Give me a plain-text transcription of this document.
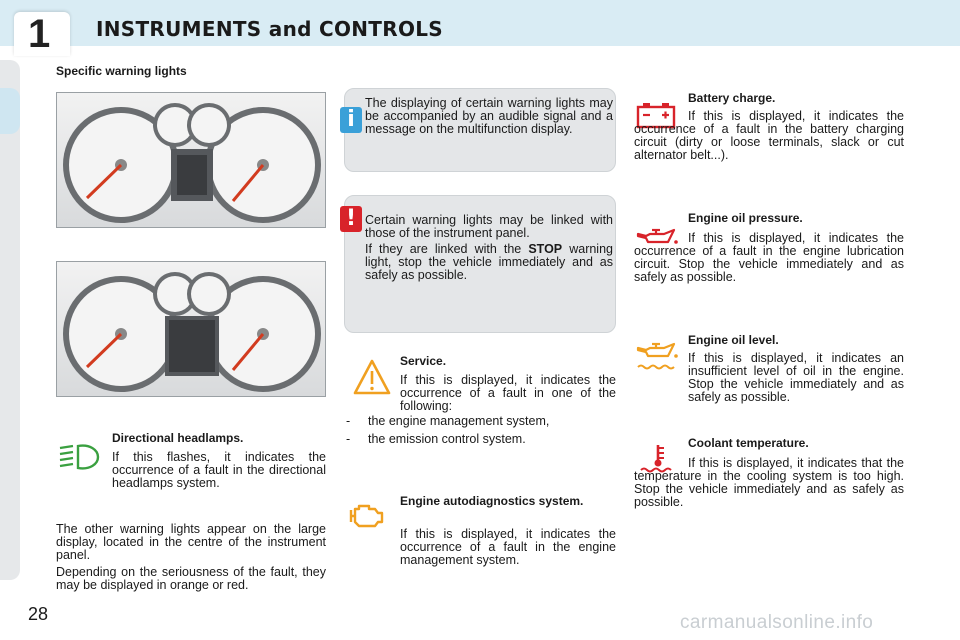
1 INSTRUMENTS and CONTROLS
Specific warning lights
i
The displaying of certain warning lights may be accompanied by an audible signal and a message on the multifunction display.
! Certain warning lights may be linked with those of the instrument panel.
If they are linked with the STOP warning light, stop the vehicle immediately and as safely as possible.
Directional headlamps.
If this flashes, it indicates the occurrence of a fault in the directional headlamps system.
The other warning lights appear on the large display, located in the centre of the instrument panel.
Depending on the seriousness of the fault, they may be displayed in orange or red.
Service.
If this is displayed, it indicates the occurrence of a fault in one of the following:
- the engine management system,
- the emission control system.
Engine autodiagnostics system.
If this is displayed, it indicates the occurrence of a fault in the engine management system.
Battery charge.
If this is displayed, it indicates the occurrence of a fault in the battery charging circuit (dirty or loose terminals, slack or cut alternator belt...).
Engine oil pressure.
If this is displayed, it indicates the occurrence of a fault in the engine lubrication circuit. Stop the vehicle immediately and as safely as possible.
Engine oil level.
If this is displayed, it indicates an insufficient level of oil in the engine. Stop the vehicle immediately and as safely as possible.
Coolant temperature.
If this is displayed, it indicates that the temperature in the cooling system is too high. Stop the vehicle immediately and as safely as possible.
28	carmanualsonline.info
